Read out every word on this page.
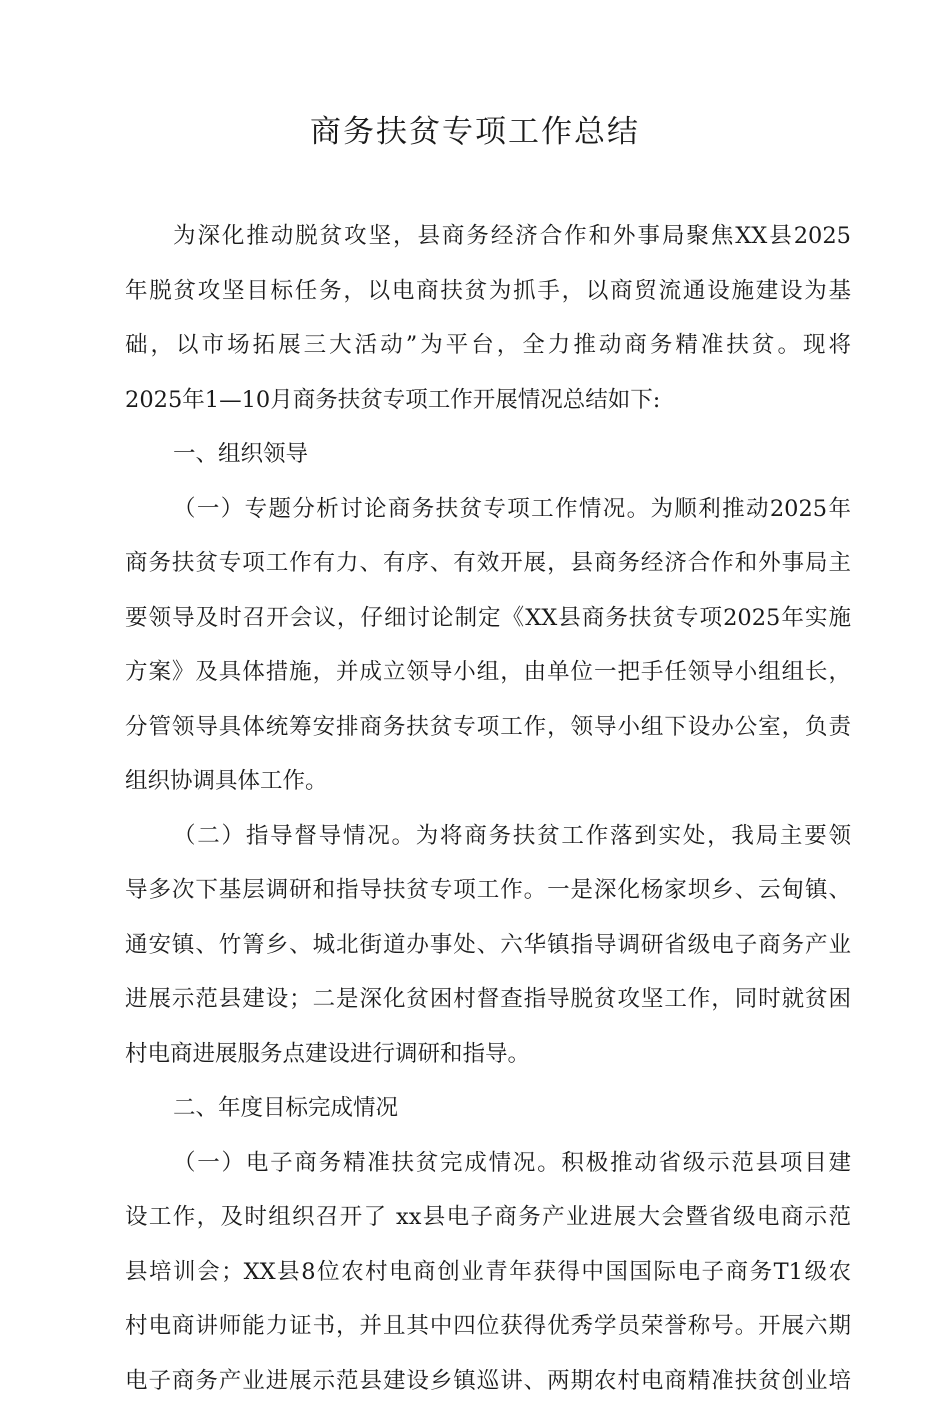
商务扶贫专项工作总结
为深化推动脱贫攻坚，县商务经济合作和外事局聚焦XX县2025
年脱贫攻坚目标任务，以电商扶贫为抓手，以商贸流通设施建设为基
础，以市场拓展三大活动”为平台，全力推动商务精准扶贫。现将
2025年1—10月商务扶贫专项工作开展情况总结如下:
一、组织领导
（一）专题分析讨论商务扶贫专项工作情况。为顺利推动2025年
商务扶贫专项工作有力、有序、有效开展，县商务经济合作和外事局主
要领导及时召开会议，仔细讨论制定《XX县商务扶贫专项2025年实施
方案》及具体措施，并成立领导小组，由单位一把手任领导小组组长，
分管领导具体统筹安排商务扶贫专项工作，领导小组下设办公室，负责
组织协调具体工作。
（二）指导督导情况。为将商务扶贫工作落到实处，我局主要领
导多次下基层调研和指导扶贫专项工作。一是深化杨家坝乡、云甸镇、
通安镇、竹箐乡、城北街道办事处、六华镇指导调研省级电子商务产业
进展示范县建设；二是深化贫困村督查指导脱贫攻坚工作，同时就贫困
村电商进展服务点建设进行调研和指导。
二、年度目标完成情况
（一）电子商务精准扶贫完成情况。积极推动省级示范县项目建
设工作，及时组织召开了 xx县电子商务产业进展大会暨省级电商示范
县培训会；XX县8位农村电商创业青年获得中国国际电子商务T1级农
村电商讲师能力证书，并且其中四位获得优秀学员荣誉称号。开展六期
电子商务产业进展示范县建设乡镇巡讲、两期农村电商精准扶贫创业培
